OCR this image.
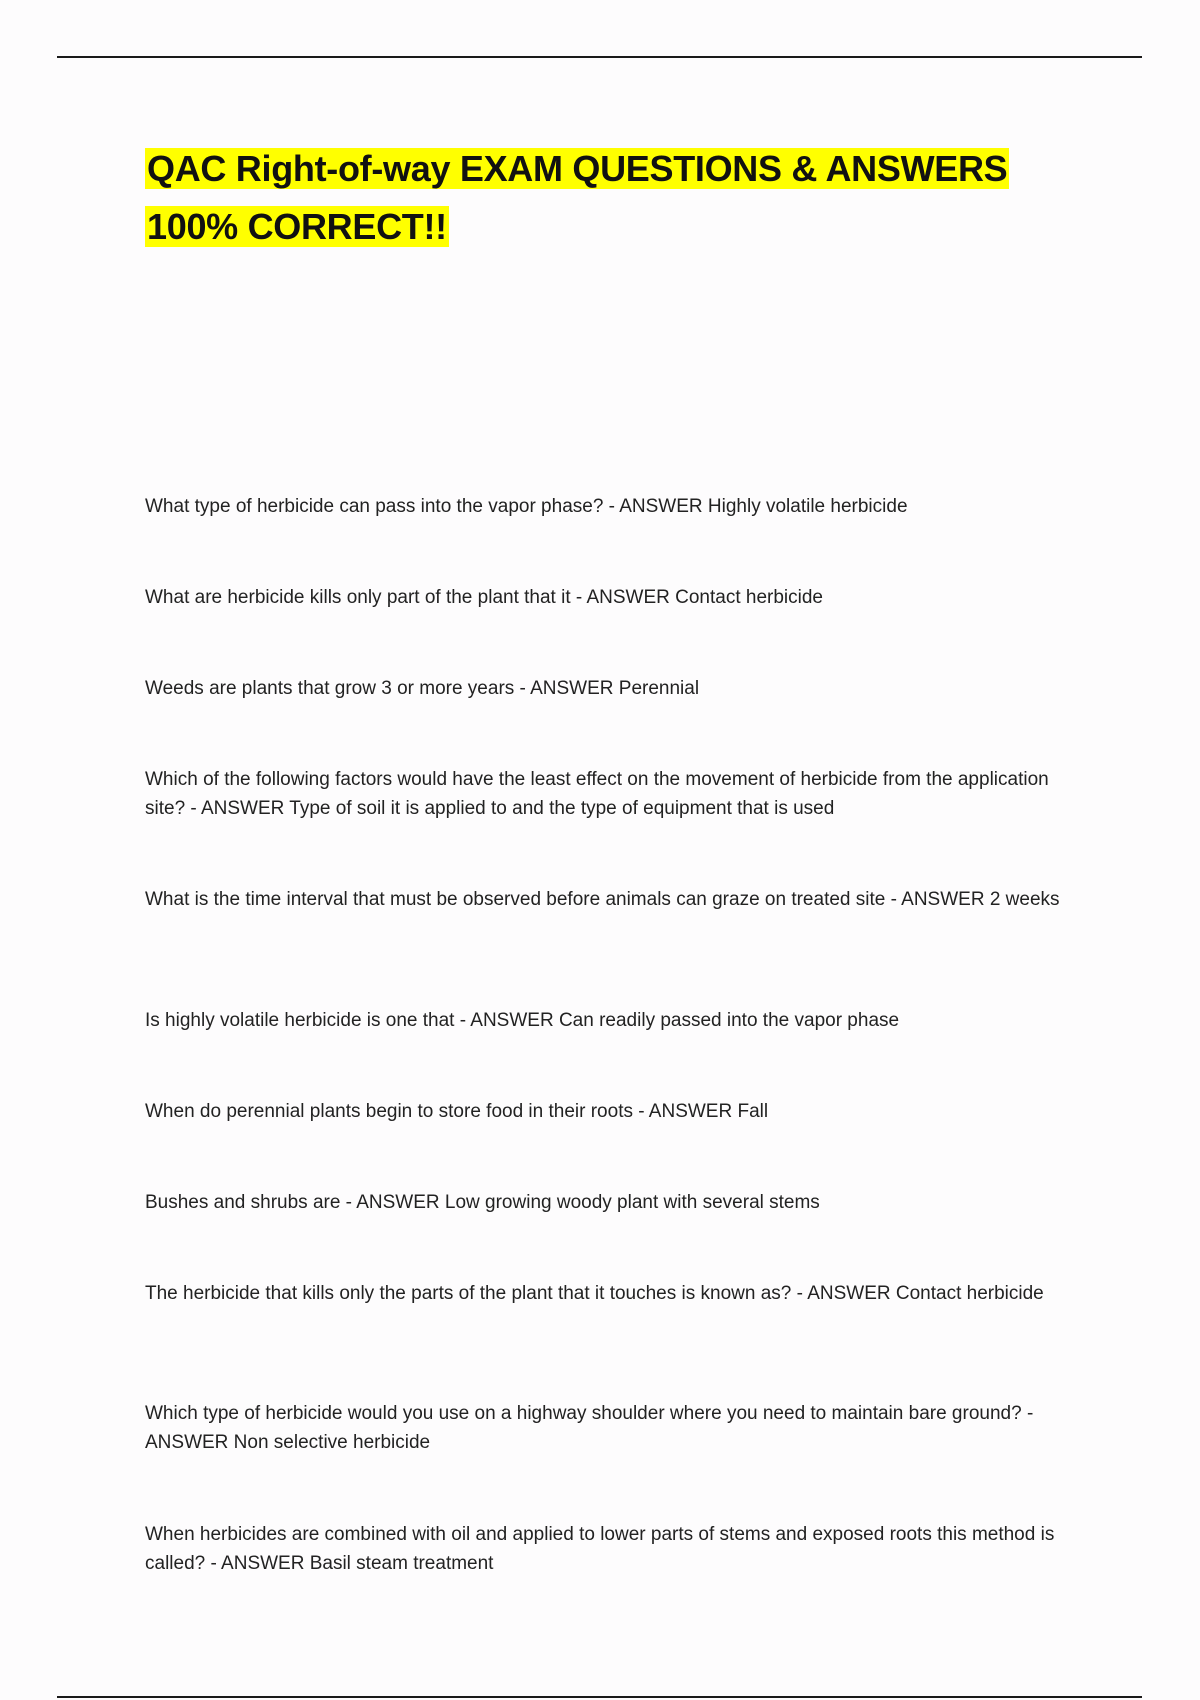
QAC Right-of-way EXAM QUESTIONS & ANSWERS 100% CORRECT!!
What type of herbicide can pass into the vapor phase? - ANSWER Highly volatile herbicide
What are herbicide kills only part of the plant that it - ANSWER Contact herbicide
Weeds are plants that grow 3 or more years - ANSWER Perennial
Which of the following factors would have the least effect on the movement of herbicide from the application site? - ANSWER Type of soil it is applied to and the type of equipment that is used
What is the time interval that must be observed before animals can graze on treated site - ANSWER 2 weeks
Is highly volatile herbicide is one that - ANSWER Can readily passed into the vapor phase
When do perennial plants begin to store food in their roots - ANSWER Fall
Bushes and shrubs are - ANSWER Low growing woody plant with several stems
The herbicide that kills only the parts of the plant that it touches is known as? - ANSWER Contact herbicide
Which type of herbicide would you use on a highway shoulder where you need to maintain bare ground? - ANSWER Non selective herbicide
When herbicides are combined with oil and applied to lower parts of stems and exposed roots this method is called? - ANSWER Basil steam treatment
